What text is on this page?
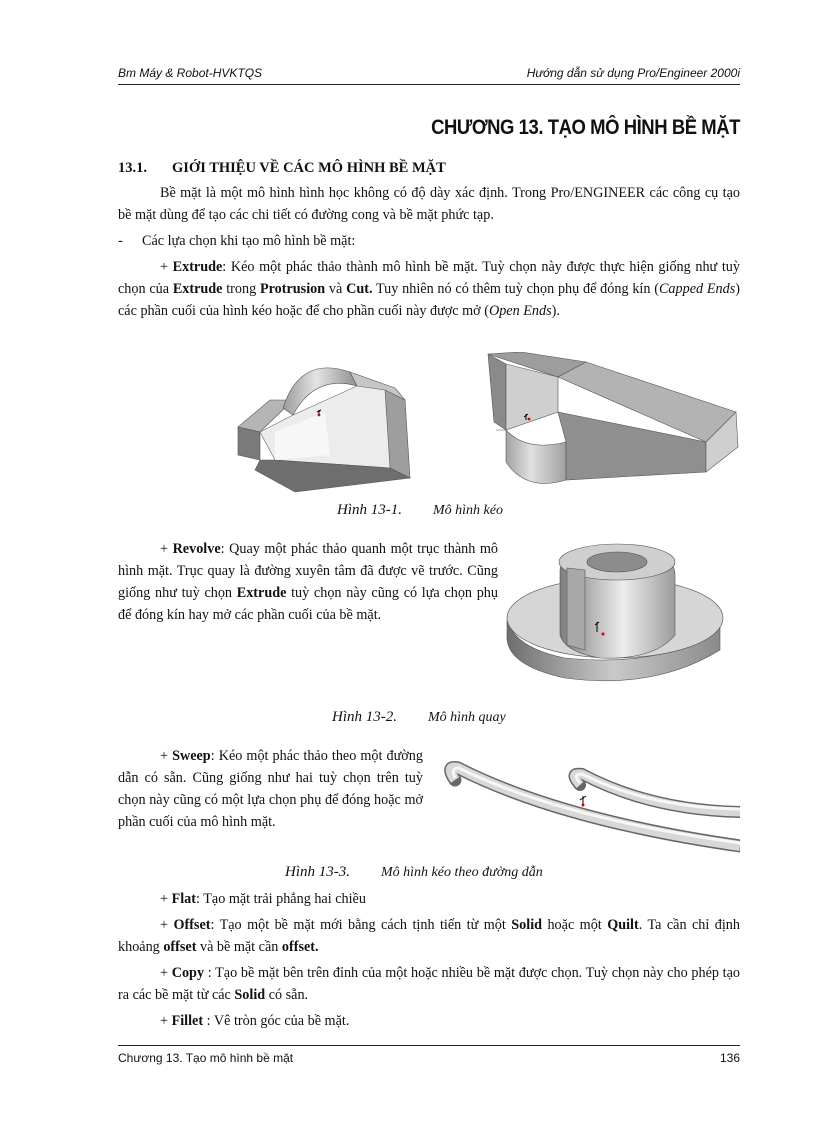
Bm Máy & Robot-HVKTQS	Hướng dẫn sử dụng Pro/Engineer 2000i
CHƯƠNG 13. TẠO MÔ HÌNH BỀ MẶT
13.1. GIỚI THIỆU VỀ CÁC MÔ HÌNH BỀ MẶT
Bề mặt là một mô hình hình học không có độ dày xác định. Trong Pro/ENGINEER các công cụ tạo bề mặt dùng để tạo các chi tiết có đường cong và bề mặt phức tạp.
- Các lựa chọn khi tạo mô hình bề mặt:
+ Extrude: Kéo một phác thảo thành mô hình bề mặt. Tuỳ chọn này được thực hiện giống như tuỳ chọn của Extrude trong Protrusion và Cut. Tuy nhiên nó có thêm tuỳ chọn phụ để đóng kín (Capped Ends) các phần cuối của hình kéo hoặc để cho phần cuối này được mở (Open Ends).
Hình 13-1. Mô hình kéo
+ Revolve: Quay một phác thảo quanh một trục thành mô hình mặt. Trục quay là đường xuyên tâm đã được vẽ trước. Cũng giống như tuỳ chọn Extrude tuỳ chọn này cũng có lựa chọn phụ để đóng kín hay mở các phần cuối của bề mặt.
Hình 13-2. Mô hình quay
+ Sweep: Kéo một phác thảo theo một đường dẫn có sẵn. Cũng giống như hai tuỳ chọn trên tuỳ chọn này cũng có một lựa chọn phụ để đóng hoặc mở phần cuối của mô hình mặt.
Hình 13-3. Mô hình kéo theo đường dẫn
+ Flat: Tạo mặt trải phẳng hai chiều
+ Offset: Tạo một bề mặt mới bằng cách tịnh tiến từ một Solid hoặc một Quilt. Ta cần chỉ định khoảng offset và bề mặt cần offset.
+ Copy : Tạo bề mặt bên trên đỉnh của một hoặc nhiều bề mặt được chọn. Tuỳ chọn này cho phép tạo ra các bề mặt từ các Solid có sẵn.
+ Fillet : Vê tròn góc của bề mặt.
Chương 13. Tạo mô hình bề mặt	136
